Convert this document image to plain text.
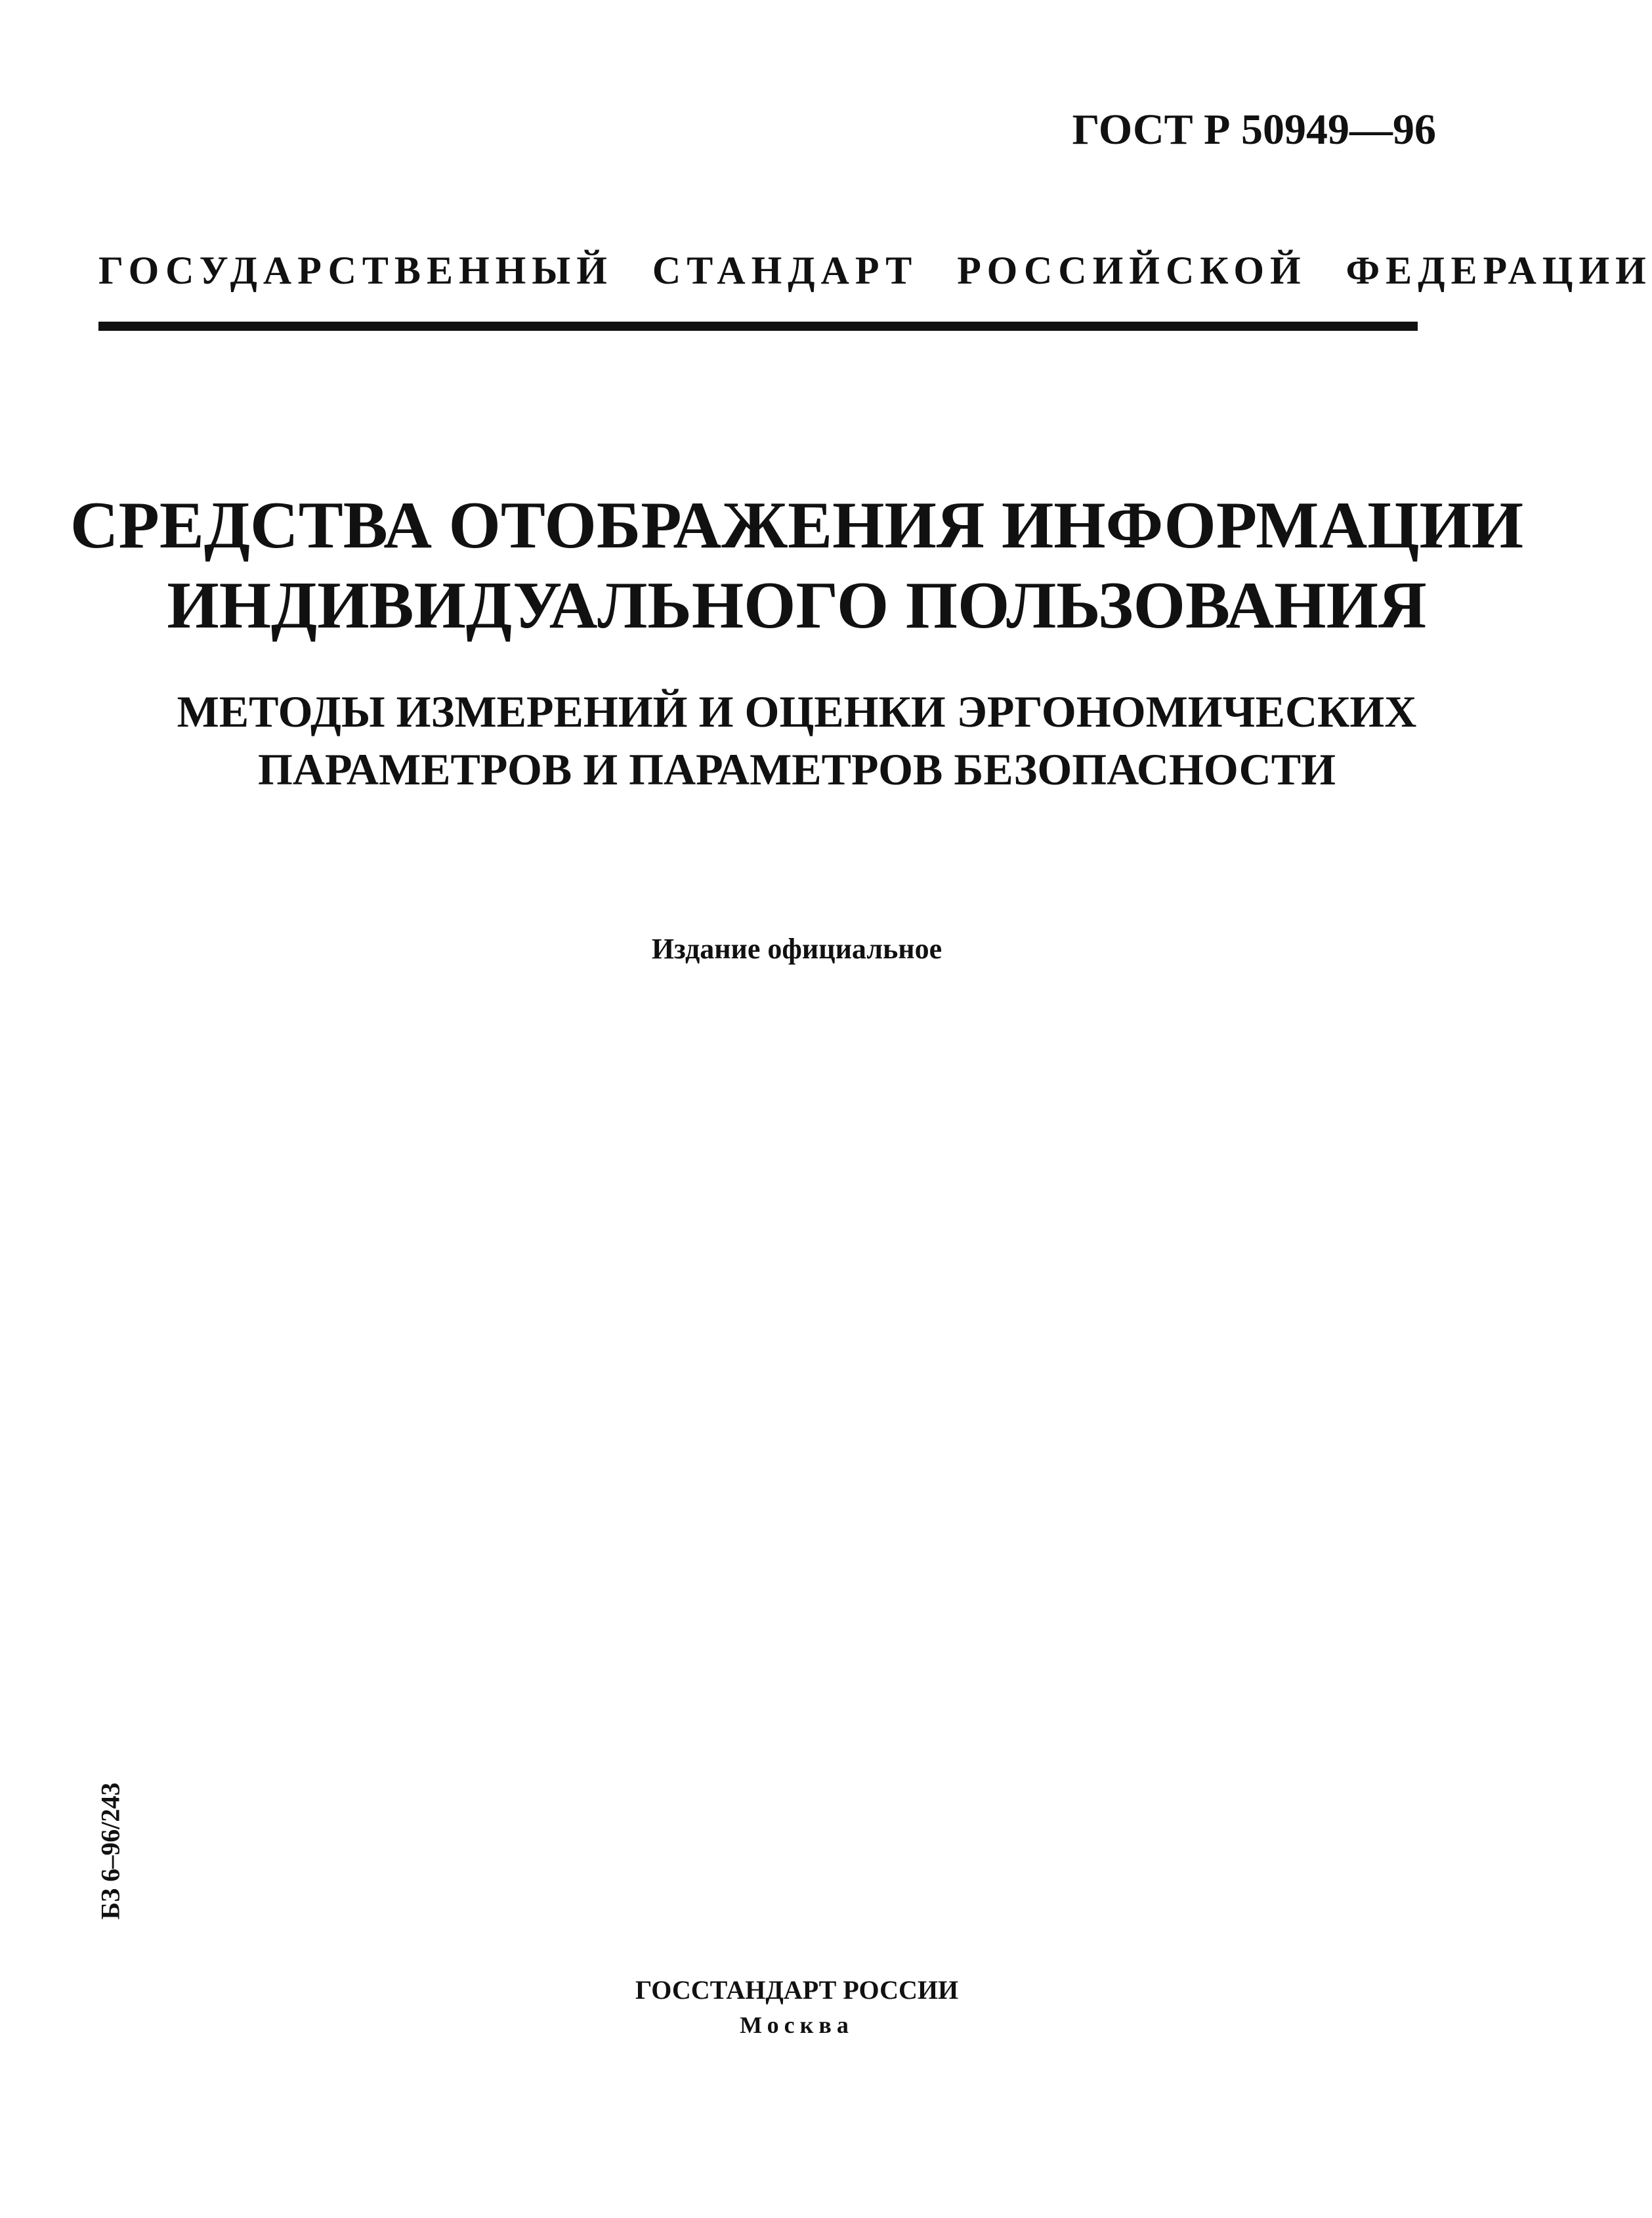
ГОСТ Р 50949—96
ГОСУДАРСТВЕННЫЙ СТАНДАРТ РОССИЙСКОЙ ФЕДЕРАЦИИ
СРЕДСТВА ОТОБРАЖЕНИЯ ИНФОРМАЦИИ
ИНДИВИДУАЛЬНОГО ПОЛЬЗОВАНИЯ
МЕТОДЫ ИЗМЕРЕНИЙ И ОЦЕНКИ ЭРГОНОМИЧЕСКИХ
ПАРАМЕТРОВ И ПАРАМЕТРОВ БЕЗОПАСНОСТИ
Издание официальное
БЗ 6–96/243
ГОССТАНДАРТ РОССИИ
Москва
